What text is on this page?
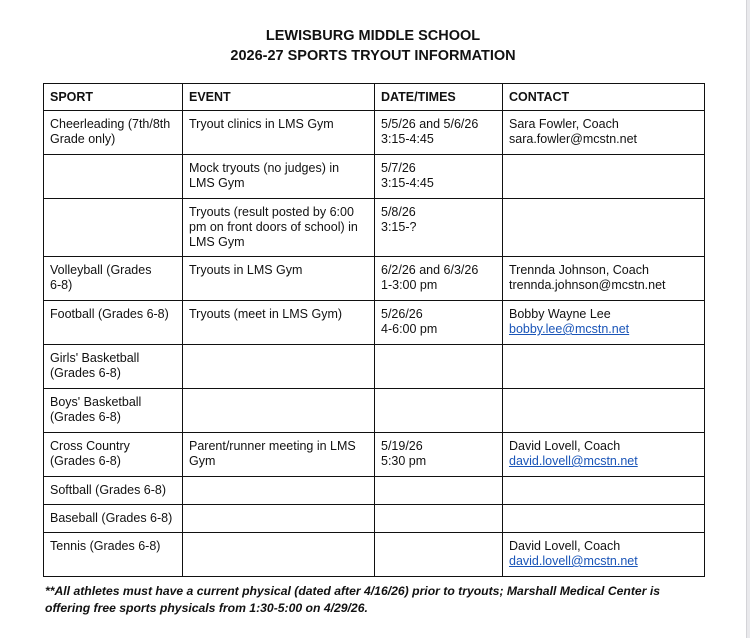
LEWISBURG MIDDLE SCHOOL
2026-27 SPORTS TRYOUT INFORMATION
SPORT	EVENT	DATE/TIMES	CONTACT

Cheerleading (7th/8th
Grade only)	Tryout clinics in LMS Gym	5/5/26 and 5/6/26
3:15-4:45	Sara Fowler, Coach
sara.fowler@mcstn.net

	Mock tryouts (no judges) in
LMS Gym	5/7/26
3:15-4:45	

	Tryouts (result posted by 6:00
pm on front doors of school) in
LMS Gym	5/8/26
3:15-?	

Volleyball (Grades
6-8)	Tryouts in LMS Gym	6/2/26 and 6/3/26
1-3:00 pm	Trennda Johnson, Coach
trennda.johnson@mcstn.net

Football (Grades 6-8)	Tryouts (meet in LMS Gym)	5/26/26
4-6:00 pm	Bobby Wayne Lee
bobby.lee@mcstn.net

Girls' Basketball
(Grades 6-8)			

Boys' Basketball
(Grades 6-8)			

Cross Country
(Grades 6-8)	Parent/runner meeting in LMS
Gym	5/19/26
5:30 pm	David Lovell, Coach
david.lovell@mcstn.net

Softball (Grades 6-8)			

Baseball (Grades 6-8)			

Tennis (Grades 6-8)			David Lovell, Coach
david.lovell@mcstn.net
**All athletes must have a current physical (dated after 4/16/26) prior to tryouts; Marshall Medical Center is
offering free sports physicals from 1:30-5:00 on 4/29/26.
